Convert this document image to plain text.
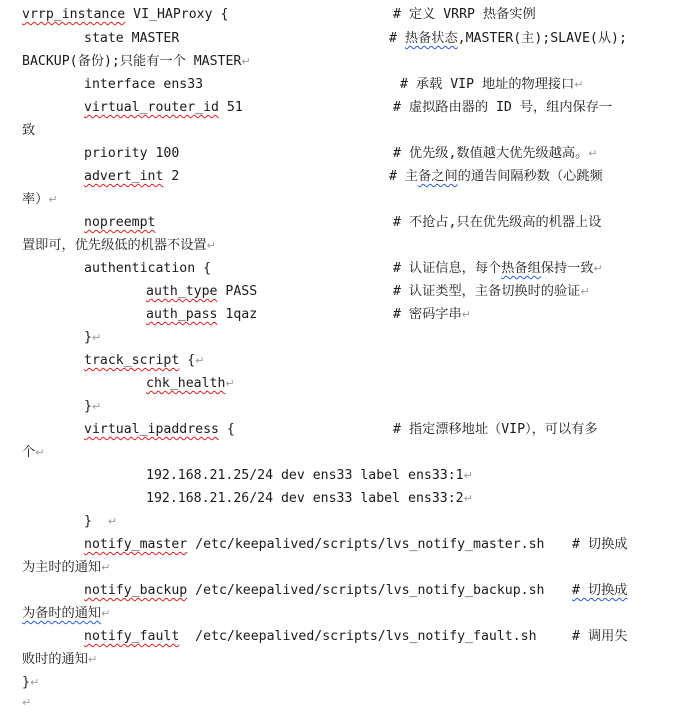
vrrp_instance VI_HAProxy {	# 定义 VRRP 热备实例
state MASTER	# 热备状态,MASTER(主);SLAVE(从);
BACKUP(备份);只能有一个 MASTER↵
interface ens33	# 承载 VIP 地址的物理接口↵
virtual_router_id 51	# 虚拟路由器的 ID 号，组内保存一
致
priority 100	# 优先级,数值越大优先级越高。↵
advert_int 2	# 主备之间的通告间隔秒数（心跳频
率）↵
nopreempt	# 不抢占,只在优先级高的机器上设
置即可，优先级低的机器不设置↵
authentication {	# 认证信息，每个热备组保持一致↵
auth_type PASS	# 认证类型，主备切换时的验证↵
auth_pass 1qaz	# 密码字串↵
}↵
track_script {↵
chk_health↵
}↵
virtual_ipaddress {	# 指定漂移地址（VIP），可以有多
个↵
192.168.21.25/24 dev ens33 label ens33:1↵
192.168.21.26/24 dev ens33 label ens33:2↵
} ↵
notify_master /etc/keepalived/scripts/lvs_notify_master.sh # 切换成
为主时的通知↵
notify_backup /etc/keepalived/scripts/lvs_notify_backup.sh # 切换成
为备时的通知↵
notify_fault  /etc/keepalived/scripts/lvs_notify_fault.sh	# 调用失
败时的通知↵
}↵
↵
